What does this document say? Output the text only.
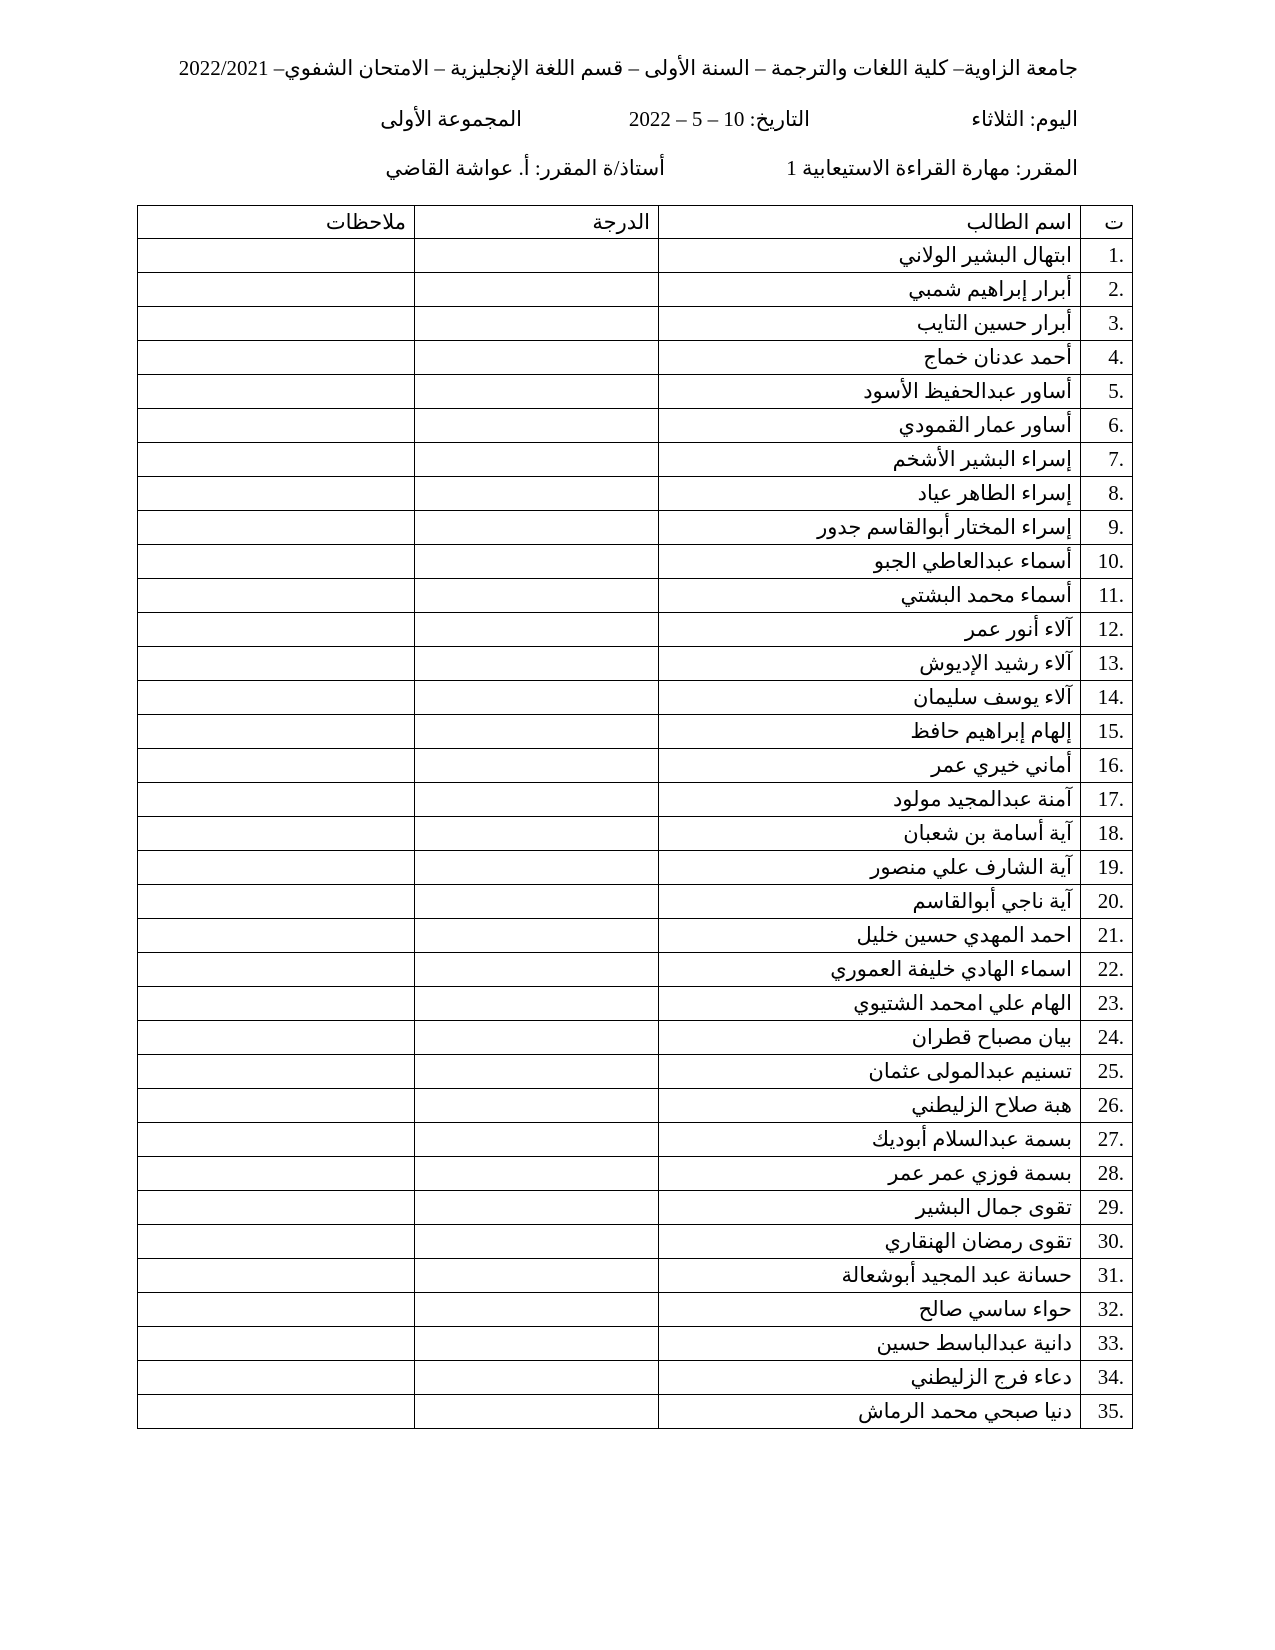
جامعة الزاوية– كلية اللغات والترجمة – السنة الأولى – قسم اللغة الإنجليزية – الامتحان الشفوي– 2022/2021
اليوم: الثلاثاء
التاريخ: 10 – 5 – 2022
المجموعة الأولى
المقرر: مهارة القراءة الاستيعابية 1
أستاذ/ة المقرر: أ. عواشة القاضي
ت	اسم الطالب	الدرجة	ملاحظات
.1	ابتهال البشير الولاني		
.2	أبرار إبراهيم شمبي		
.3	أبرار حسين التايب		
.4	أحمد عدنان خماج		
.5	أساور عبدالحفيظ الأسود		
.6	أساور عمار القمودي		
.7	إسراء البشير الأشخم		
.8	إسراء الطاهر عياد		
.9	إسراء المختار أبوالقاسم جدور		
.10	أسماء عبدالعاطي الجبو		
.11	أسماء محمد البشتي		
.12	آلاء أنور عمر		
.13	آلاء رشيد الإديوش		
.14	آلاء يوسف سليمان		
.15	إلهام إبراهيم حافظ		
.16	أماني خيري عمر		
.17	آمنة عبدالمجيد مولود		
.18	آية أسامة بن شعبان		
.19	آية الشارف علي منصور		
.20	آية ناجي أبوالقاسم		
.21	احمد المهدي حسين خليل		
.22	اسماء الهادي خليفة العموري		
.23	الهام علي امحمد الشتيوي		
.24	بيان مصباح قطران		
.25	تسنيم عبدالمولى عثمان		
.26	هبة صلاح الزليطني		
.27	بسمة عبدالسلام أبوديك		
.28	بسمة فوزي عمر عمر		
.29	تقوى جمال البشير		
.30	تقوى رمضان الهنقاري		
.31	حسانة عبد المجيد أبوشعالة		
.32	حواء ساسي صالح		
.33	دانية عبدالباسط حسين		
.34	دعاء فرج الزليطني		
.35	دنيا صبحي محمد الرماش		
